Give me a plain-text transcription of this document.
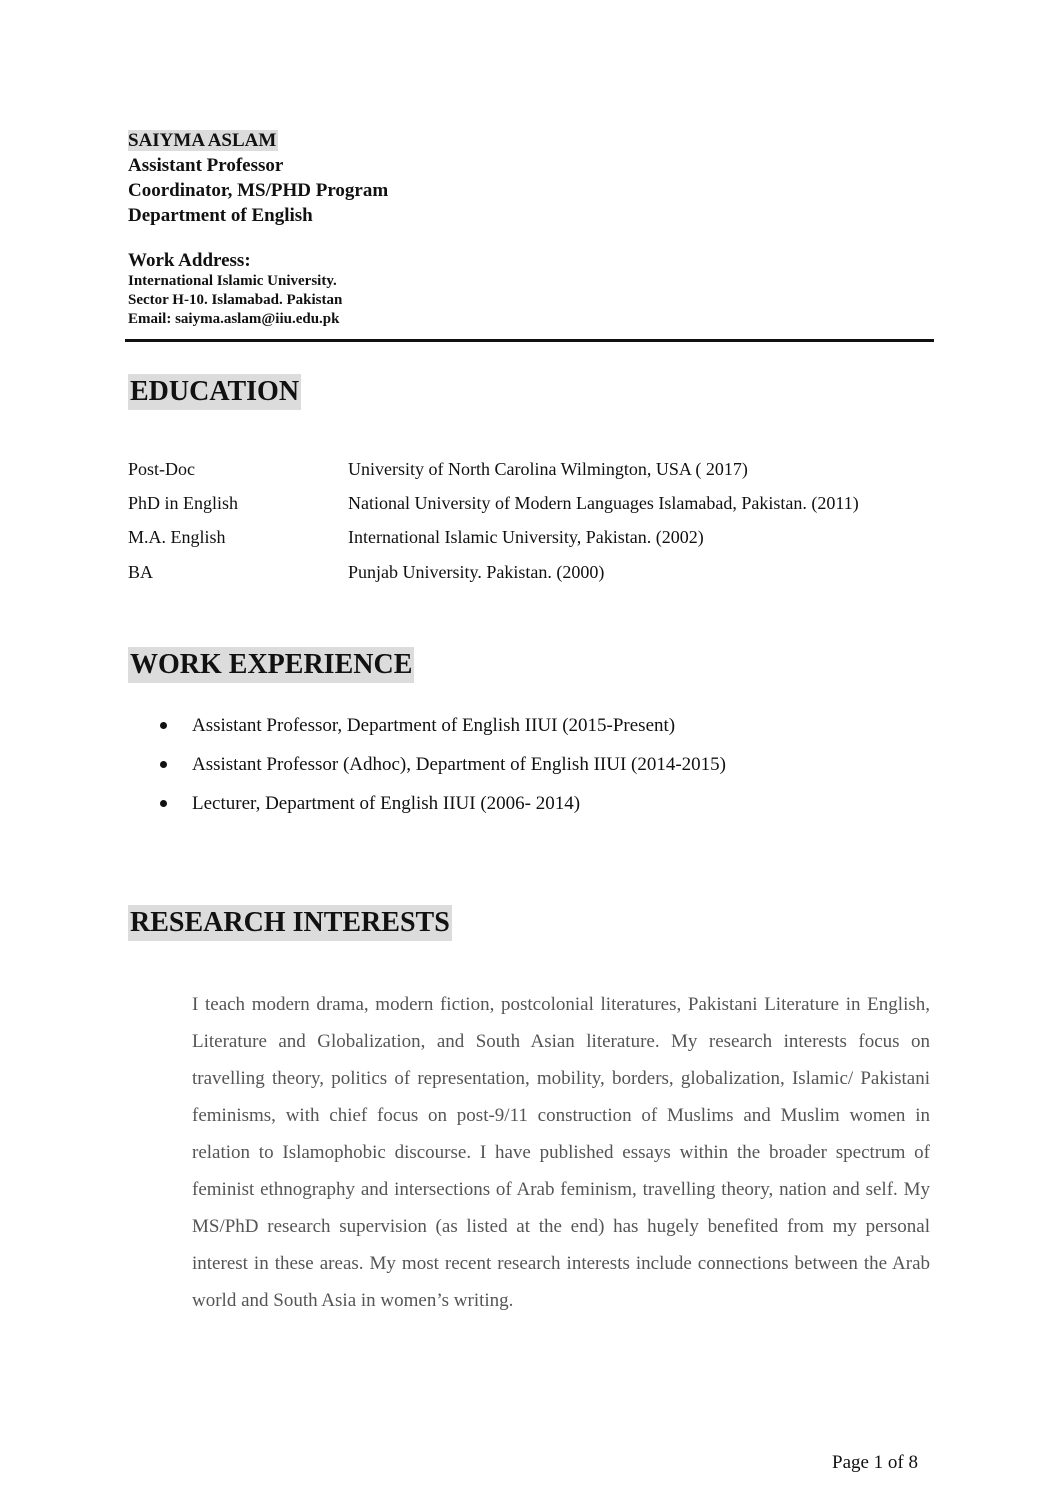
SAIYMA ASLAM
Assistant Professor
Coordinator, MS/PHD Program
Department of English
Work Address:
International Islamic University.
Sector H-10. Islamabad. Pakistan
Email: saiyma.aslam@iiu.edu.pk
EDUCATION
Post-Doc	University of North Carolina Wilmington, USA ( 2017)
PhD in English	National University of Modern Languages Islamabad, Pakistan. (2011)
M.A. English	International Islamic University, Pakistan. (2002)
BA	Punjab University. Pakistan. (2000)
WORK EXPERIENCE
Assistant Professor, Department of English IIUI (2015-Present)
Assistant Professor (Adhoc), Department of English IIUI (2014-2015)
Lecturer, Department of English IIUI (2006- 2014)
RESEARCH INTERESTS
I teach modern drama, modern fiction, postcolonial literatures, Pakistani Literature in English, Literature and Globalization, and South Asian literature. My research interests focus on travelling theory, politics of representation, mobility, borders, globalization, Islamic/ Pakistani feminisms, with chief focus on post-9/11 construction of Muslims and Muslim women in relation to Islamophobic discourse. I have published essays within the broader spectrum of feminist ethnography and intersections of Arab feminism, travelling theory, nation and self. My MS/PhD research supervision (as listed at the end) has hugely benefited from my personal interest in these areas. My most recent research interests include connections between the Arab world and South Asia in women’s writing.
Page 1 of 8
